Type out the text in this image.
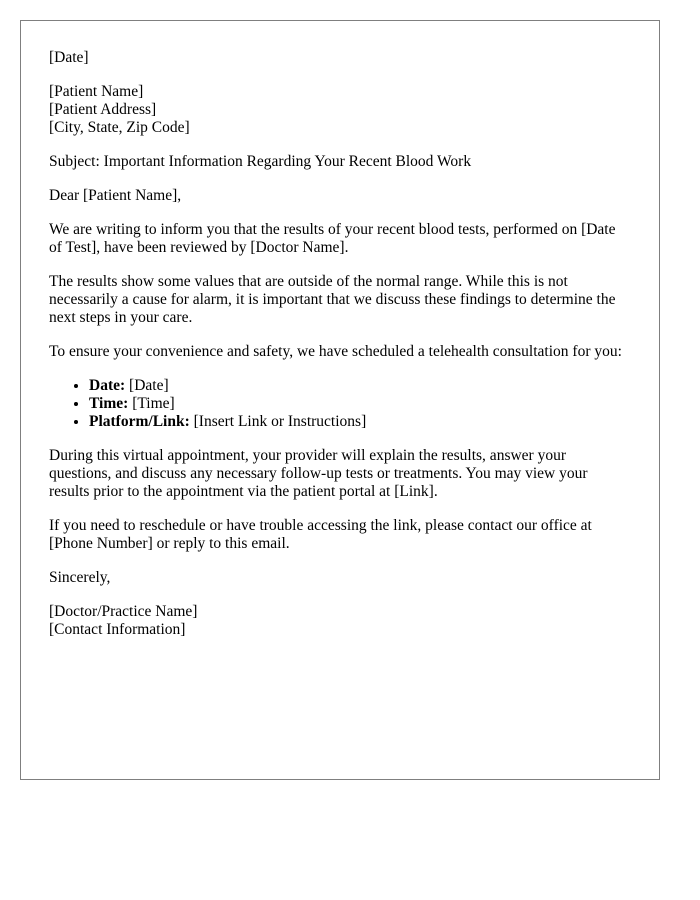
[Date]

[Patient Name]
[Patient Address]
[City, State, Zip Code]

Subject: Important Information Regarding Your Recent Blood Work

Dear [Patient Name],

We are writing to inform you that the results of your recent blood tests, performed on [Date of Test], have been reviewed by [Doctor Name].

The results show some values that are outside of the normal range. While this is not necessarily a cause for alarm, it is important that we discuss these findings to determine the next steps in your care.

To ensure your convenience and safety, we have scheduled a telehealth consultation for you:

• Date: [Date]
• Time: [Time]
• Platform/Link: [Insert Link or Instructions]

During this virtual appointment, your provider will explain the results, answer your questions, and discuss any necessary follow-up tests or treatments. You may view your results prior to the appointment via the patient portal at [Link].

If you need to reschedule or have trouble accessing the link, please contact our office at [Phone Number] or reply to this email.

Sincerely,

[Doctor/Practice Name]
[Contact Information]
